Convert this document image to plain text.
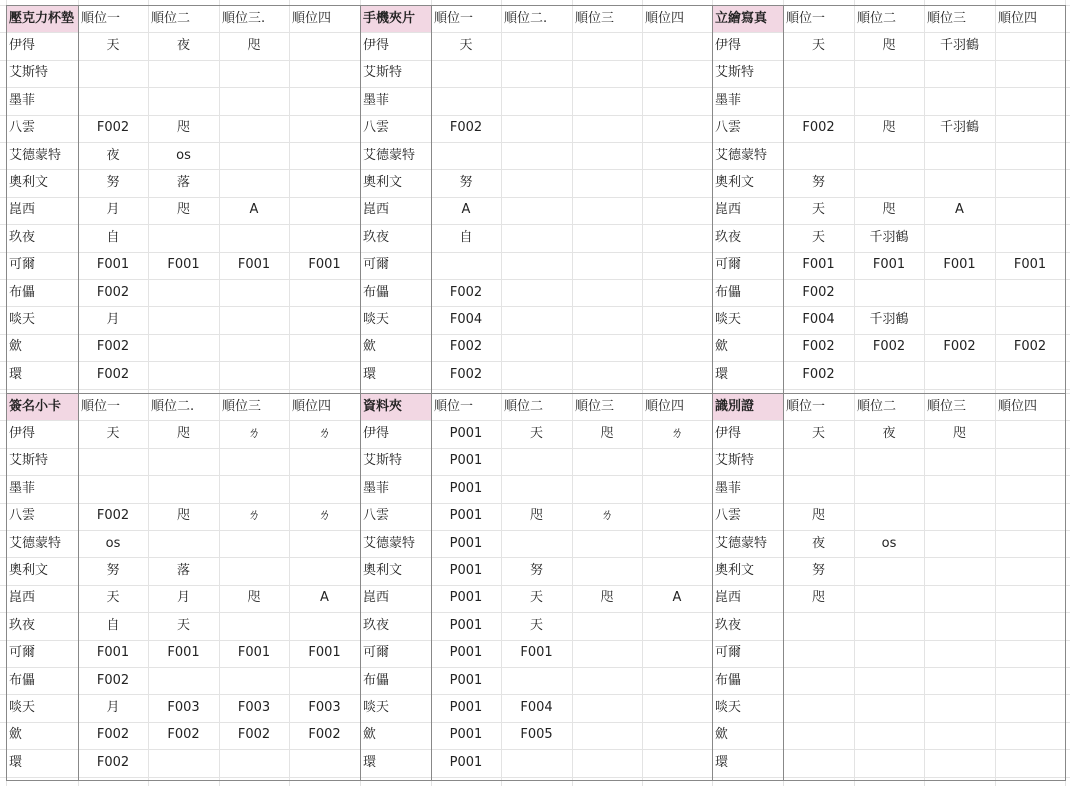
壓克力杯墊 順位一	順位二	順位三.	順位四
伊得	天	夜	咫
艾斯特
墨菲
八雲	F002	咫
艾德蒙特	夜	os
奧利文	努	落
崑西	月	咫	A
玖夜	自
可爾	F001	F001	F001	F001
布儡	F002
啖天	月
歛	F002
環	F002
手機夾片	順位一	順位二.	順位三	順位四
伊得	天
艾斯特
墨菲
八雲	F002
艾德蒙特
奧利文	努
崑西	A
玖夜	自
可爾
布儡	F002
啖天	F004
歛	F002
環	F002
立繪寫真	順位一	順位二	順位三	順位四
伊得	天	咫	千羽鶴
艾斯特
墨菲
八雲	F002	咫	千羽鶴
艾德蒙特
奧利文	努
崑西	天	咫	A
玖夜	天	千羽鶴
可爾	F001	F001	F001	F001
布儡	F002
啖天	F004	千羽鶴
歛	F002	F002	F002	F002
環	F002
簽名小卡	順位一	順位二.	順位三	順位四
伊得	天	咫	ㄌ	ㄌ
艾斯特
墨菲
八雲	F002	咫	ㄌ	ㄌ
艾德蒙特	os
奧利文	努	落
崑西	天	月	咫	A
玖夜	自	天
可爾	F001	F001	F001	F001
布儡	F002
啖天	月	F003	F003	F003
歛	F002	F002	F002	F002
環	F002
資料夾	順位一	順位二	順位三	順位四
伊得	P001	天	咫	ㄌ
艾斯特	P001
墨菲	P001
八雲	P001	咫	ㄌ
艾德蒙特	P001
奧利文	P001	努
崑西	P001	天	咫	A
玖夜	P001	天
可爾	P001	F001
布儡	P001
啖天	P001	F004
歛	P001	F005
環	P001
識別證	順位一	順位二	順位三	順位四
伊得	天	夜	咫
艾斯特
墨菲
八雲	咫
艾德蒙特	夜	os
奧利文	努
崑西	咫
玖夜
可爾
布儡
啖天
歛
環
